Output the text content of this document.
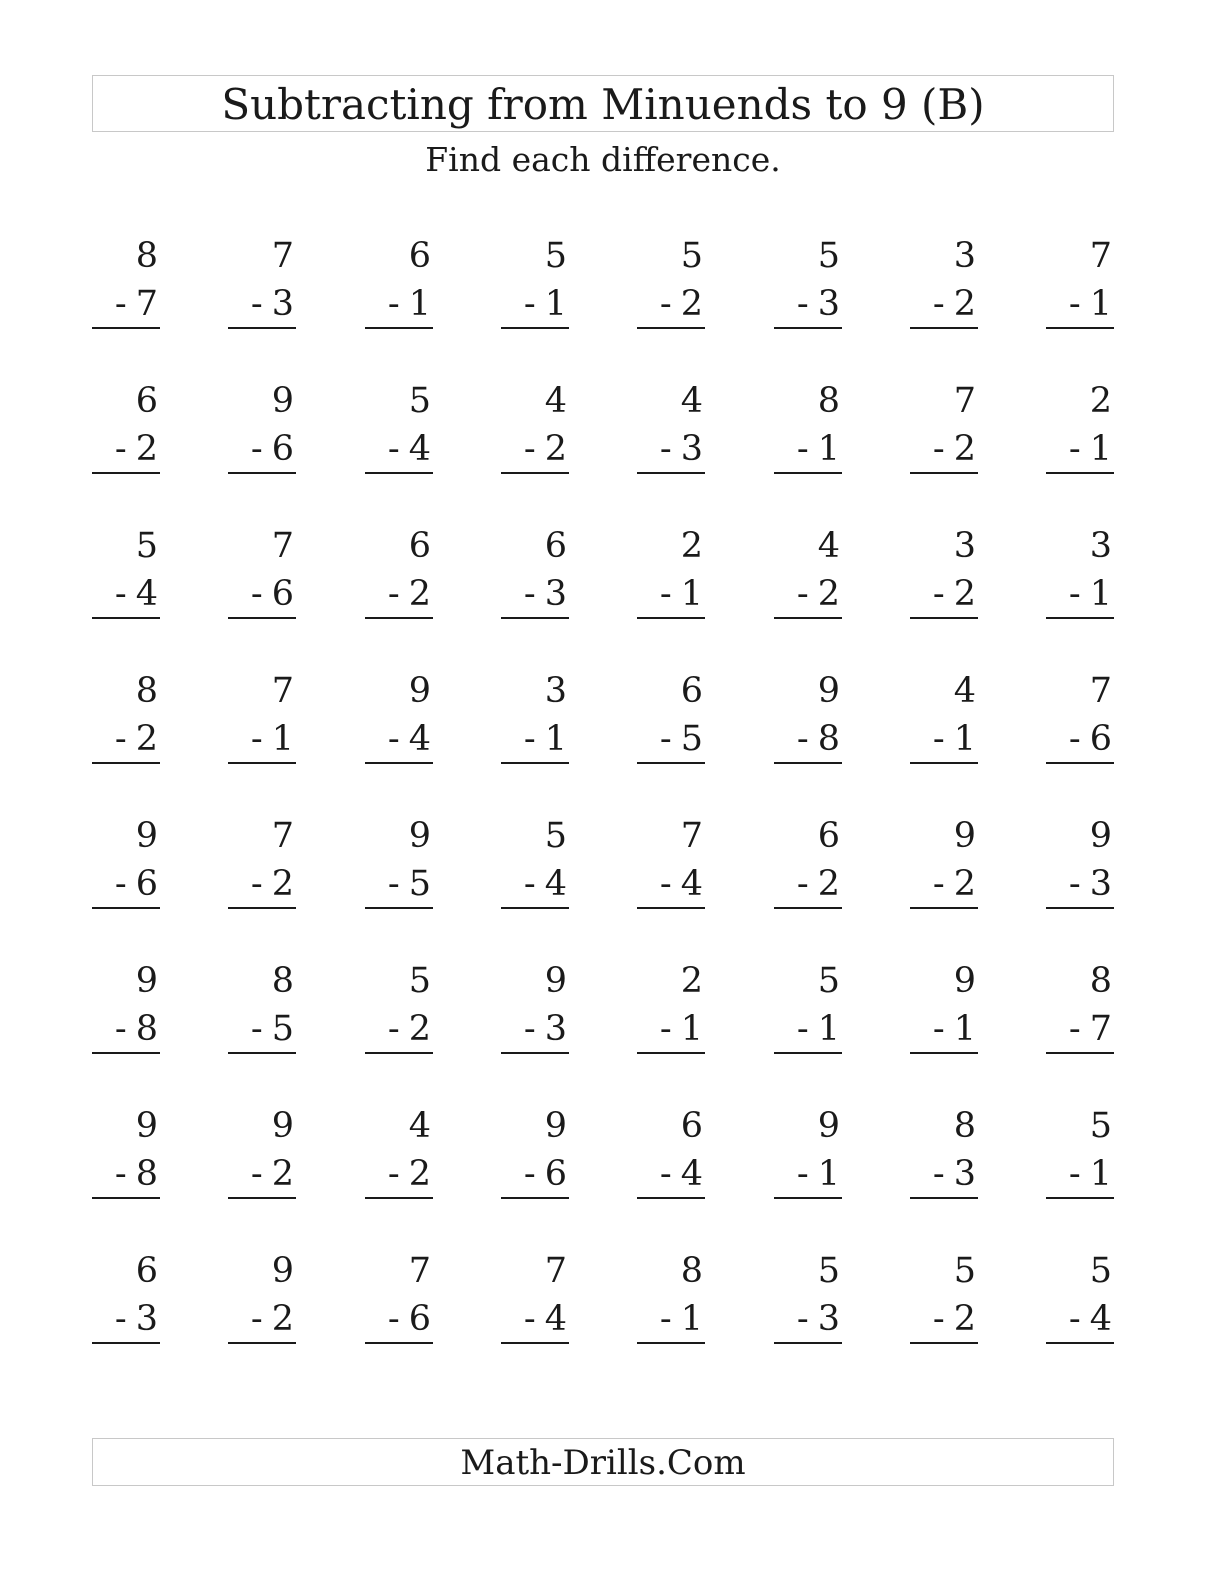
Subtracting from Minuends to 9 (B)
Find each difference.
8
- 7
7
- 3
6
- 1
5
- 1
5
- 2
5
- 3
3
- 2
7
- 1
6
- 2
9
- 6
5
- 4
4
- 2
4
- 3
8
- 1
7
- 2
2
- 1
5
- 4
7
- 6
6
- 2
6
- 3
2
- 1
4
- 2
3
- 2
3
- 1
8
- 2
7
- 1
9
- 4
3
- 1
6
- 5
9
- 8
4
- 1
7
- 6
9
- 6
7
- 2
9
- 5
5
- 4
7
- 4
6
- 2
9
- 2
9
- 3
9
- 8
8
- 5
5
- 2
9
- 3
2
- 1
5
- 1
9
- 1
8
- 7
9
- 8
9
- 2
4
- 2
9
- 6
6
- 4
9
- 1
8
- 3
5
- 1
6
- 3
9
- 2
7
- 6
7
- 4
8
- 1
5
- 3
5
- 2
5
- 4
Math-Drills.Com
